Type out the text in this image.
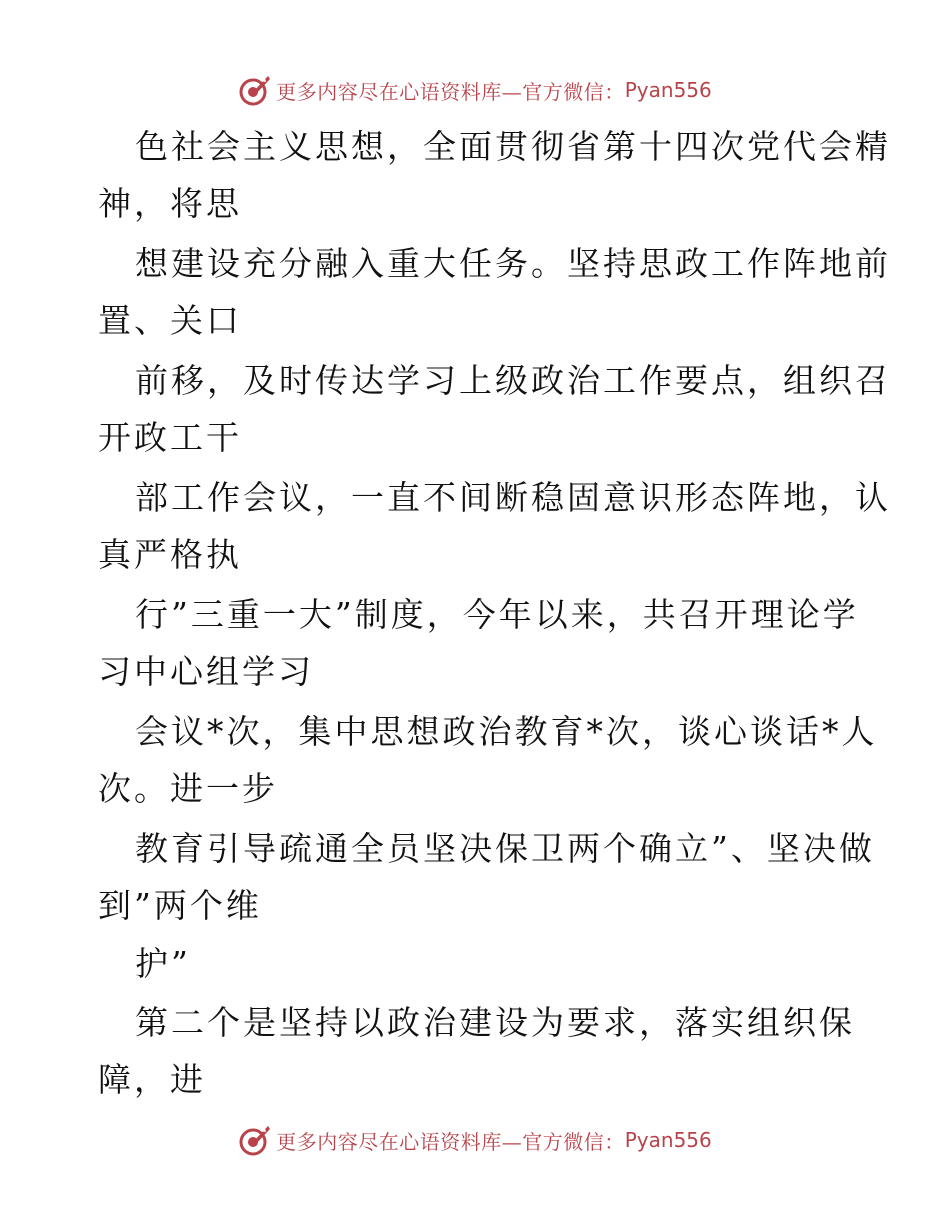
更多内容尽在心语资料库—官方微信： Pyan556
色社会主义思想，全面贯彻省第十四次党代会精
神，将思
想建设充分融入重大任务。坚持思政工作阵地前
置、关口
前移，及时传达学习上级政治工作要点，组织召
开政工干
部工作会议，一直不间断稳固意识形态阵地，认
真严格执
行”三重一大”制度，今年以来，共召开理论学
习中心组学习
会议*次，集中思想政治教育*次，谈心谈话*人
次。进一步
教育引导疏通全员坚决保卫两个确立”、坚决做
到”两个维
护”
第二个是坚持以政治建设为要求，落实组织保
障，进
更多内容尽在心语资料库—官方微信： Pyan556
